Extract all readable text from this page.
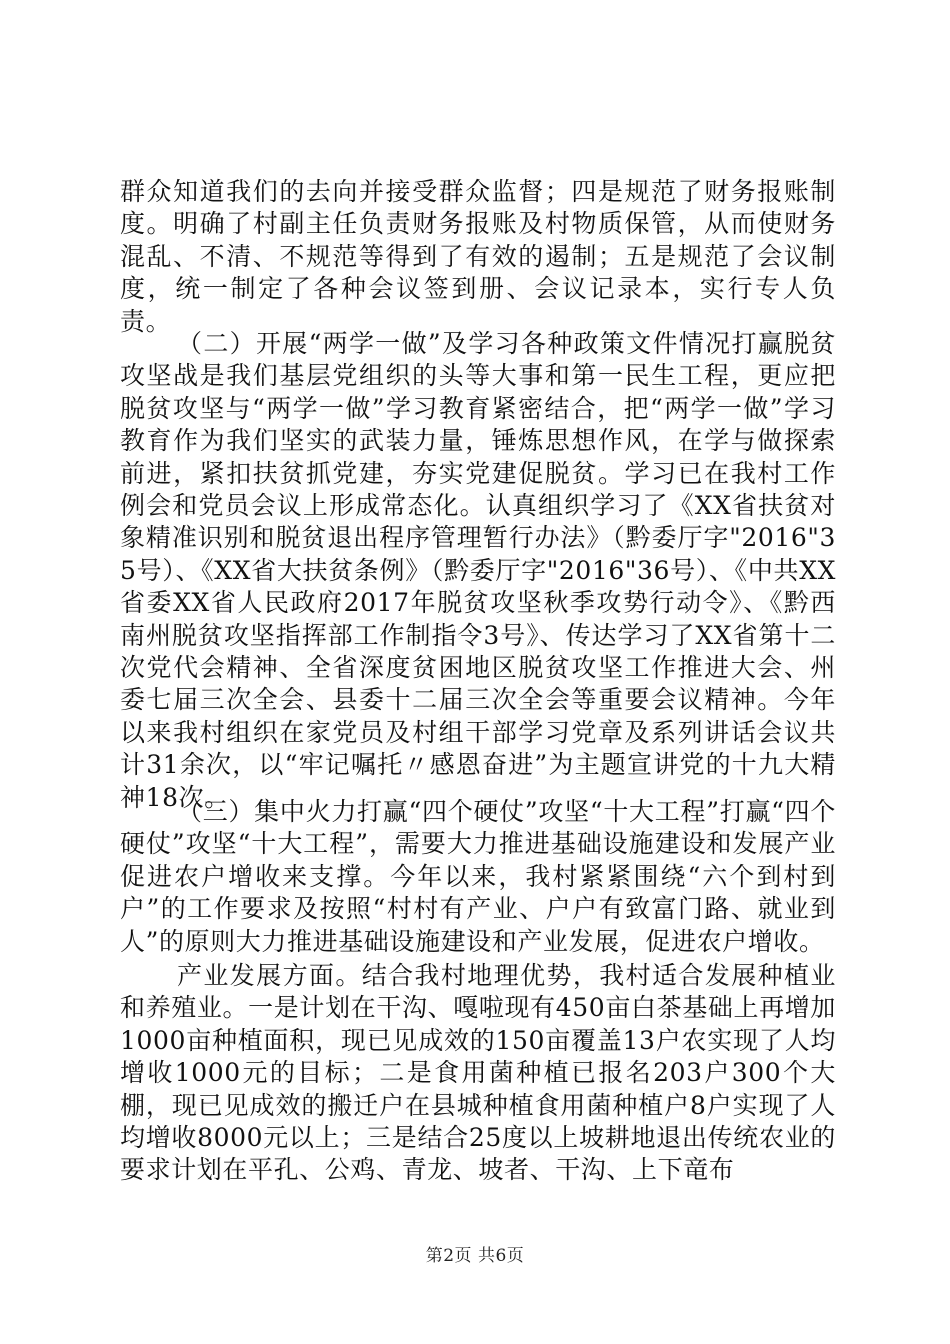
群众知道我们的去向并接受群众监督；四是规范了财务报账制度。明确了村副主任负责财务报账及村物质保管，从而使财务混乱、不清、不规范等得到了有效的遏制；五是规范了会议制度，统一制定了各种会议签到册、会议记录本，实行专人负责。

（二）开展“两学一做”及学习各种政策文件情况打赢脱贫攻坚战是我们基层党组织的头等大事和第一民生工程，更应把脱贫攻坚与“两学一做”学习教育紧密结合，把“两学一做”学习教育作为我们坚实的武装力量，锤炼思想作风，在学与做探索前进，紧扣扶贫抓党建，夯实党建促脱贫。学习已在我村工作例会和党员会议上形成常态化。认真组织学习了《XX省扶贫对象精准识别和脱贫退出程序管理暂行办法》（黔委厅字"2016"35号）、《XX省大扶贫条例》（黔委厅字"2016"36号）、《中共XX省委XX省人民政府2017年脱贫攻坚秋季攻势行动令》、《黔西南州脱贫攻坚指挥部工作制指令3号》、传达学习了XX省第十二次党代会精神、全省深度贫困地区脱贫攻坚工作推进大会、州委七届三次全会、县委十二届三次全会等重要会议精神。今年以来我村组织在家党员及村组干部学习党章及系列讲话会议共计31余次，以“牢记嘱托〃感恩奋进”为主题宣讲党的十九大精神18次。

（三）集中火力打赢“四个硬仗”攻坚“十大工程”打赢“四个硬仗”攻坚“十大工程”，需要大力推进基础设施建设和发展产业促进农户增收来支撑。今年以来，我村紧紧围绕“六个到村到户”的工作要求及按照“村村有产业、户户有致富门路、就业到人”的原则大力推进基础设施建设和产业发展，促进农户增收。

产业发展方面。结合我村地理优势，我村适合发展种植业和养殖业。一是计划在干沟、嘎啦现有450亩白茶基础上再增加1000亩种植面积，现已见成效的150亩覆盖13户农实现了人均增收1000元的目标；二是食用菌种植已报名203户300个大棚，现已见成效的搬迁户在县城种植食用菌种植户8户实现了人均增收8000元以上；三是结合25度以上坡耕地退出传统农业的要求计划在平孔、公鸡、青龙、坡者、干沟、上下竜布

第2页 共6页
